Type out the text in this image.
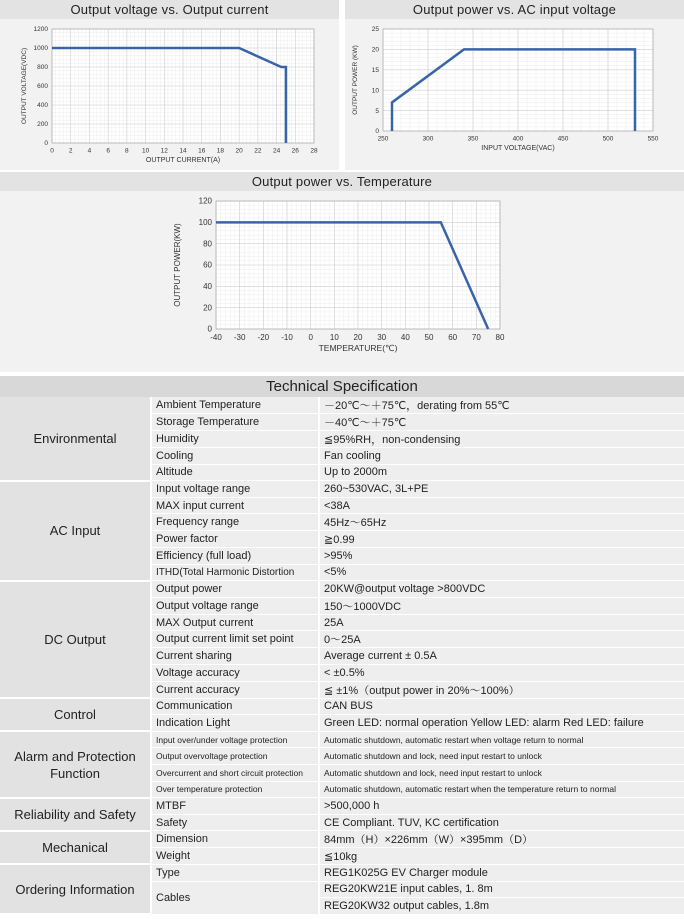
Output voltage vs. Output current
0 2 4 6 8 10 12 14 16 18 20 22 24 26 28
0
200
400
600
800
1000
1200
OUTPUT CURRENT(A)
OUTPUT VOLTAGE(VDC)
Output power vs. AC input voltage
250	300	350	400	450	500	550
0
5
10
15
20
25
INPUT VOLTAGE(VAC)
OUTPUT POWER (KW)
Output power vs. Temperature
-40 -30 -20 -10 0 10 20 30 40 50 60 70 80
0
20
40
60
80
100
120
TEMPERATURE(℃)
OUTPUT POWER(KW)
Technical Specification
Environmental	Ambient Temperature	－20℃～＋75℃，derating from 55℃
	Storage Temperature	－40℃～＋75℃
	Humidity	≦95%RH，non-condensing
	Cooling	Fan cooling
	Altitude	Up to 2000m
AC Input	Input voltage range	260~530VAC, 3L+PE
	MAX input current	<38A
	Frequency range	45Hz～65Hz
	Power factor	≧0.99
	Efficiency (full load)	>95%
	ITHD(Total Harmonic Distortion	<5%
DC Output	Output power	20KW@output voltage >800VDC
	Output voltage range	150～1000VDC
	MAX Output current	25A
	Output current limit set point	0～25A
	Current sharing	Average current ± 0.5A
	Voltage accuracy	< ±0.5%
	Current accuracy	≦ ±1%（output power in 20%～100%）
Control	Communication	CAN BUS
	Indication Light	Green LED: normal operation Yellow LED: alarm Red LED: failure
Alarm and Protection Function	Input over/under voltage protection	Automatic shutdown, automatic restart when voltage return to normal
	Output overvoltage protection	Automatic shutdown and lock, need input restart to unlock
	Overcurrent and short circuit protection	Automatic shutdown and lock, need input restart to unlock
	Over temperature protection	Automatic shutdown, automatic restart when the temperature return to normal
Reliability and Safety	MTBF	>500,000 h
	Safety	CE Compliant. TUV, KC certification
Mechanical	Dimension	84mm（H）×226mm（W）×395mm（D）
	Weight	≦10kg
Ordering Information	Type	REG1K025G EV Charger module
	Cables	REG20KW21E input cables, 1. 8m
		REG20KW32 output cables, 1.8m
